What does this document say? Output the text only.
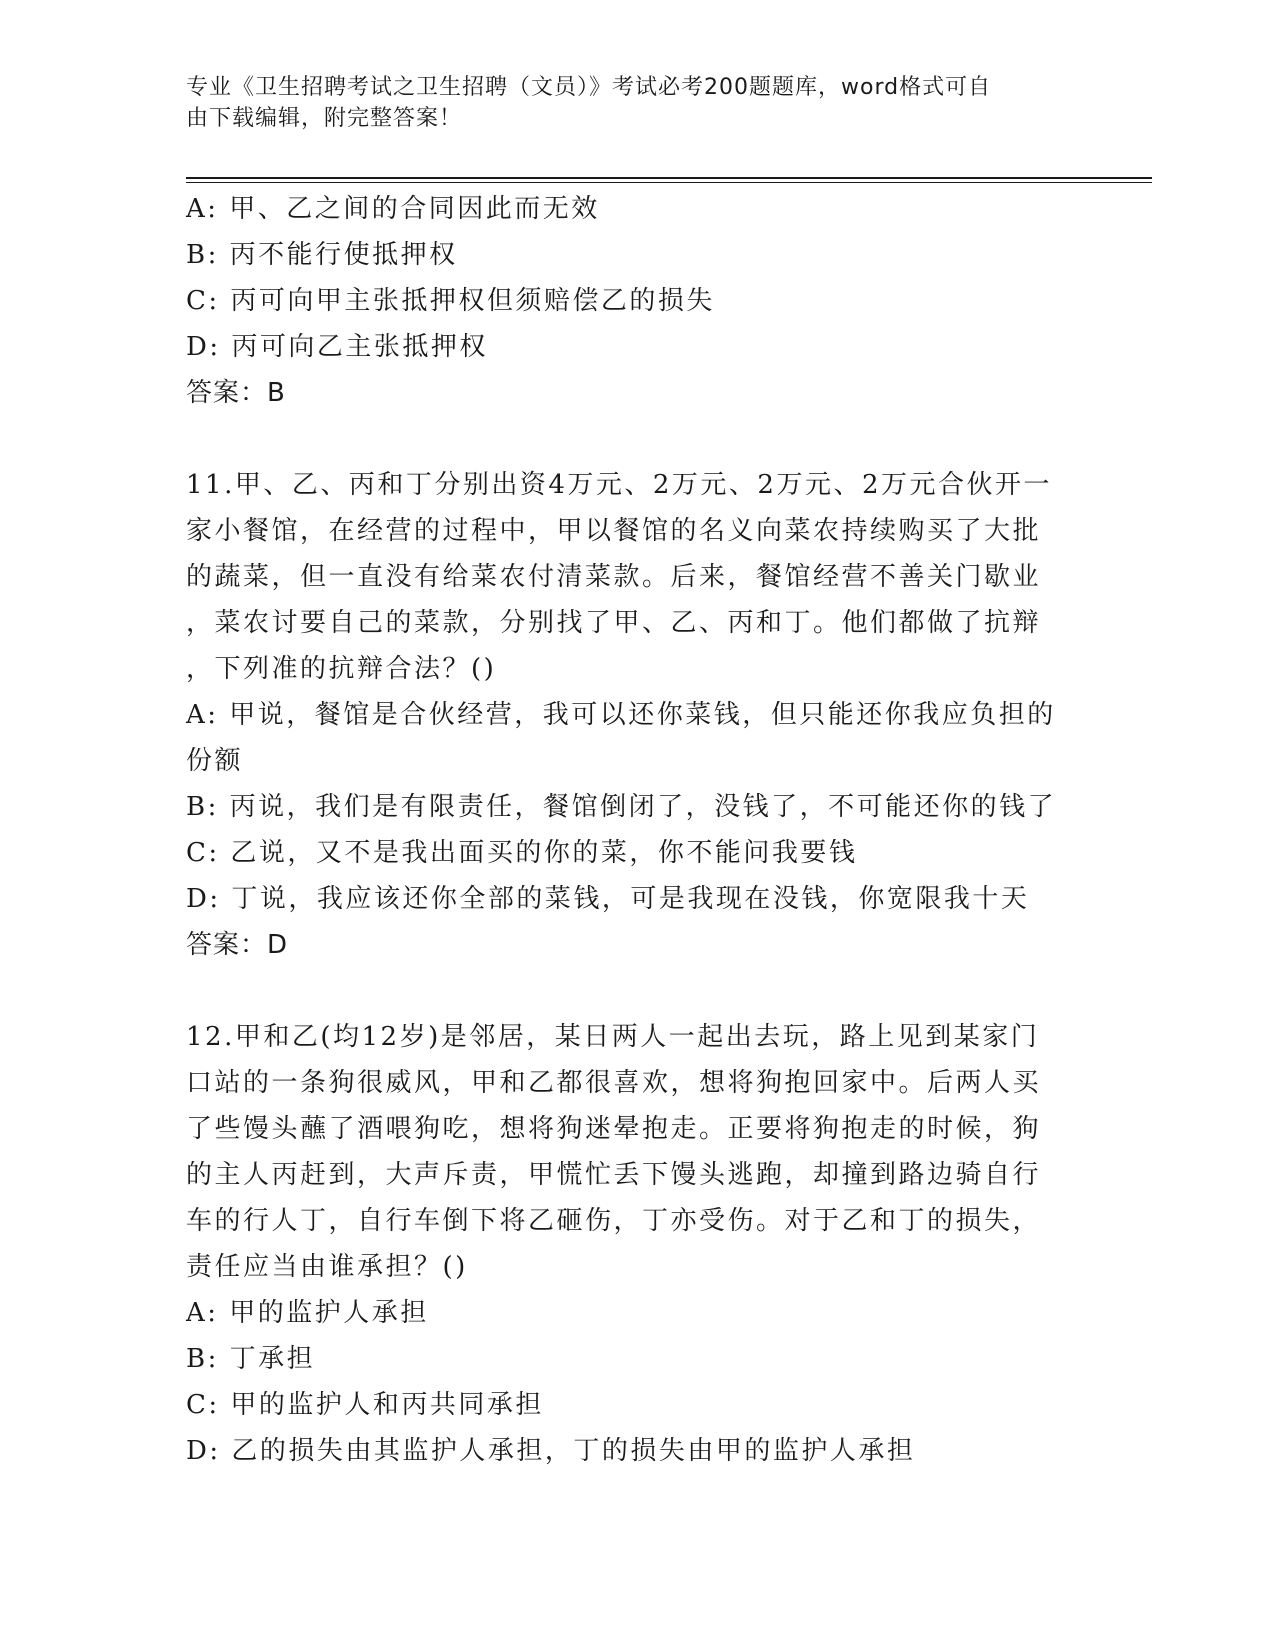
专业《卫生招聘考试之卫生招聘（文员）》考试必考200题题库，word格式可自
由下载编辑，附完整答案！
A: 甲、乙之间的合同因此而无效
B: 丙不能行使抵押权
C: 丙可向甲主张抵押权但须赔偿乙的损失
D: 丙可向乙主张抵押权
答案：B
11.甲、乙、丙和丁分别出资4万元、2万元、2万元、2万元合伙开一
家小餐馆，在经营的过程中，甲以餐馆的名义向菜农持续购买了大批
的蔬菜，但一直没有给菜农付清菜款。后来，餐馆经营不善关门歇业
，菜农讨要自己的菜款，分别找了甲、乙、丙和丁。他们都做了抗辩
，下列准的抗辩合法？()
A: 甲说，餐馆是合伙经营，我可以还你菜钱，但只能还你我应负担的
份额
B: 丙说，我们是有限责任，餐馆倒闭了，没钱了，不可能还你的钱了
C: 乙说，又不是我出面买的你的菜，你不能问我要钱
D: 丁说，我应该还你全部的菜钱，可是我现在没钱，你宽限我十天
答案：D
12.甲和乙(均12岁)是邻居，某日两人一起出去玩，路上见到某家门
口站的一条狗很威风，甲和乙都很喜欢，想将狗抱回家中。后两人买
了些馒头蘸了酒喂狗吃，想将狗迷晕抱走。正要将狗抱走的时候，狗
的主人丙赶到，大声斥责，甲慌忙丢下馒头逃跑，却撞到路边骑自行
车的行人丁，自行车倒下将乙砸伤，丁亦受伤。对于乙和丁的损失，
责任应当由谁承担？()
A: 甲的监护人承担
B: 丁承担
C: 甲的监护人和丙共同承担
D: 乙的损失由其监护人承担，丁的损失由甲的监护人承担
